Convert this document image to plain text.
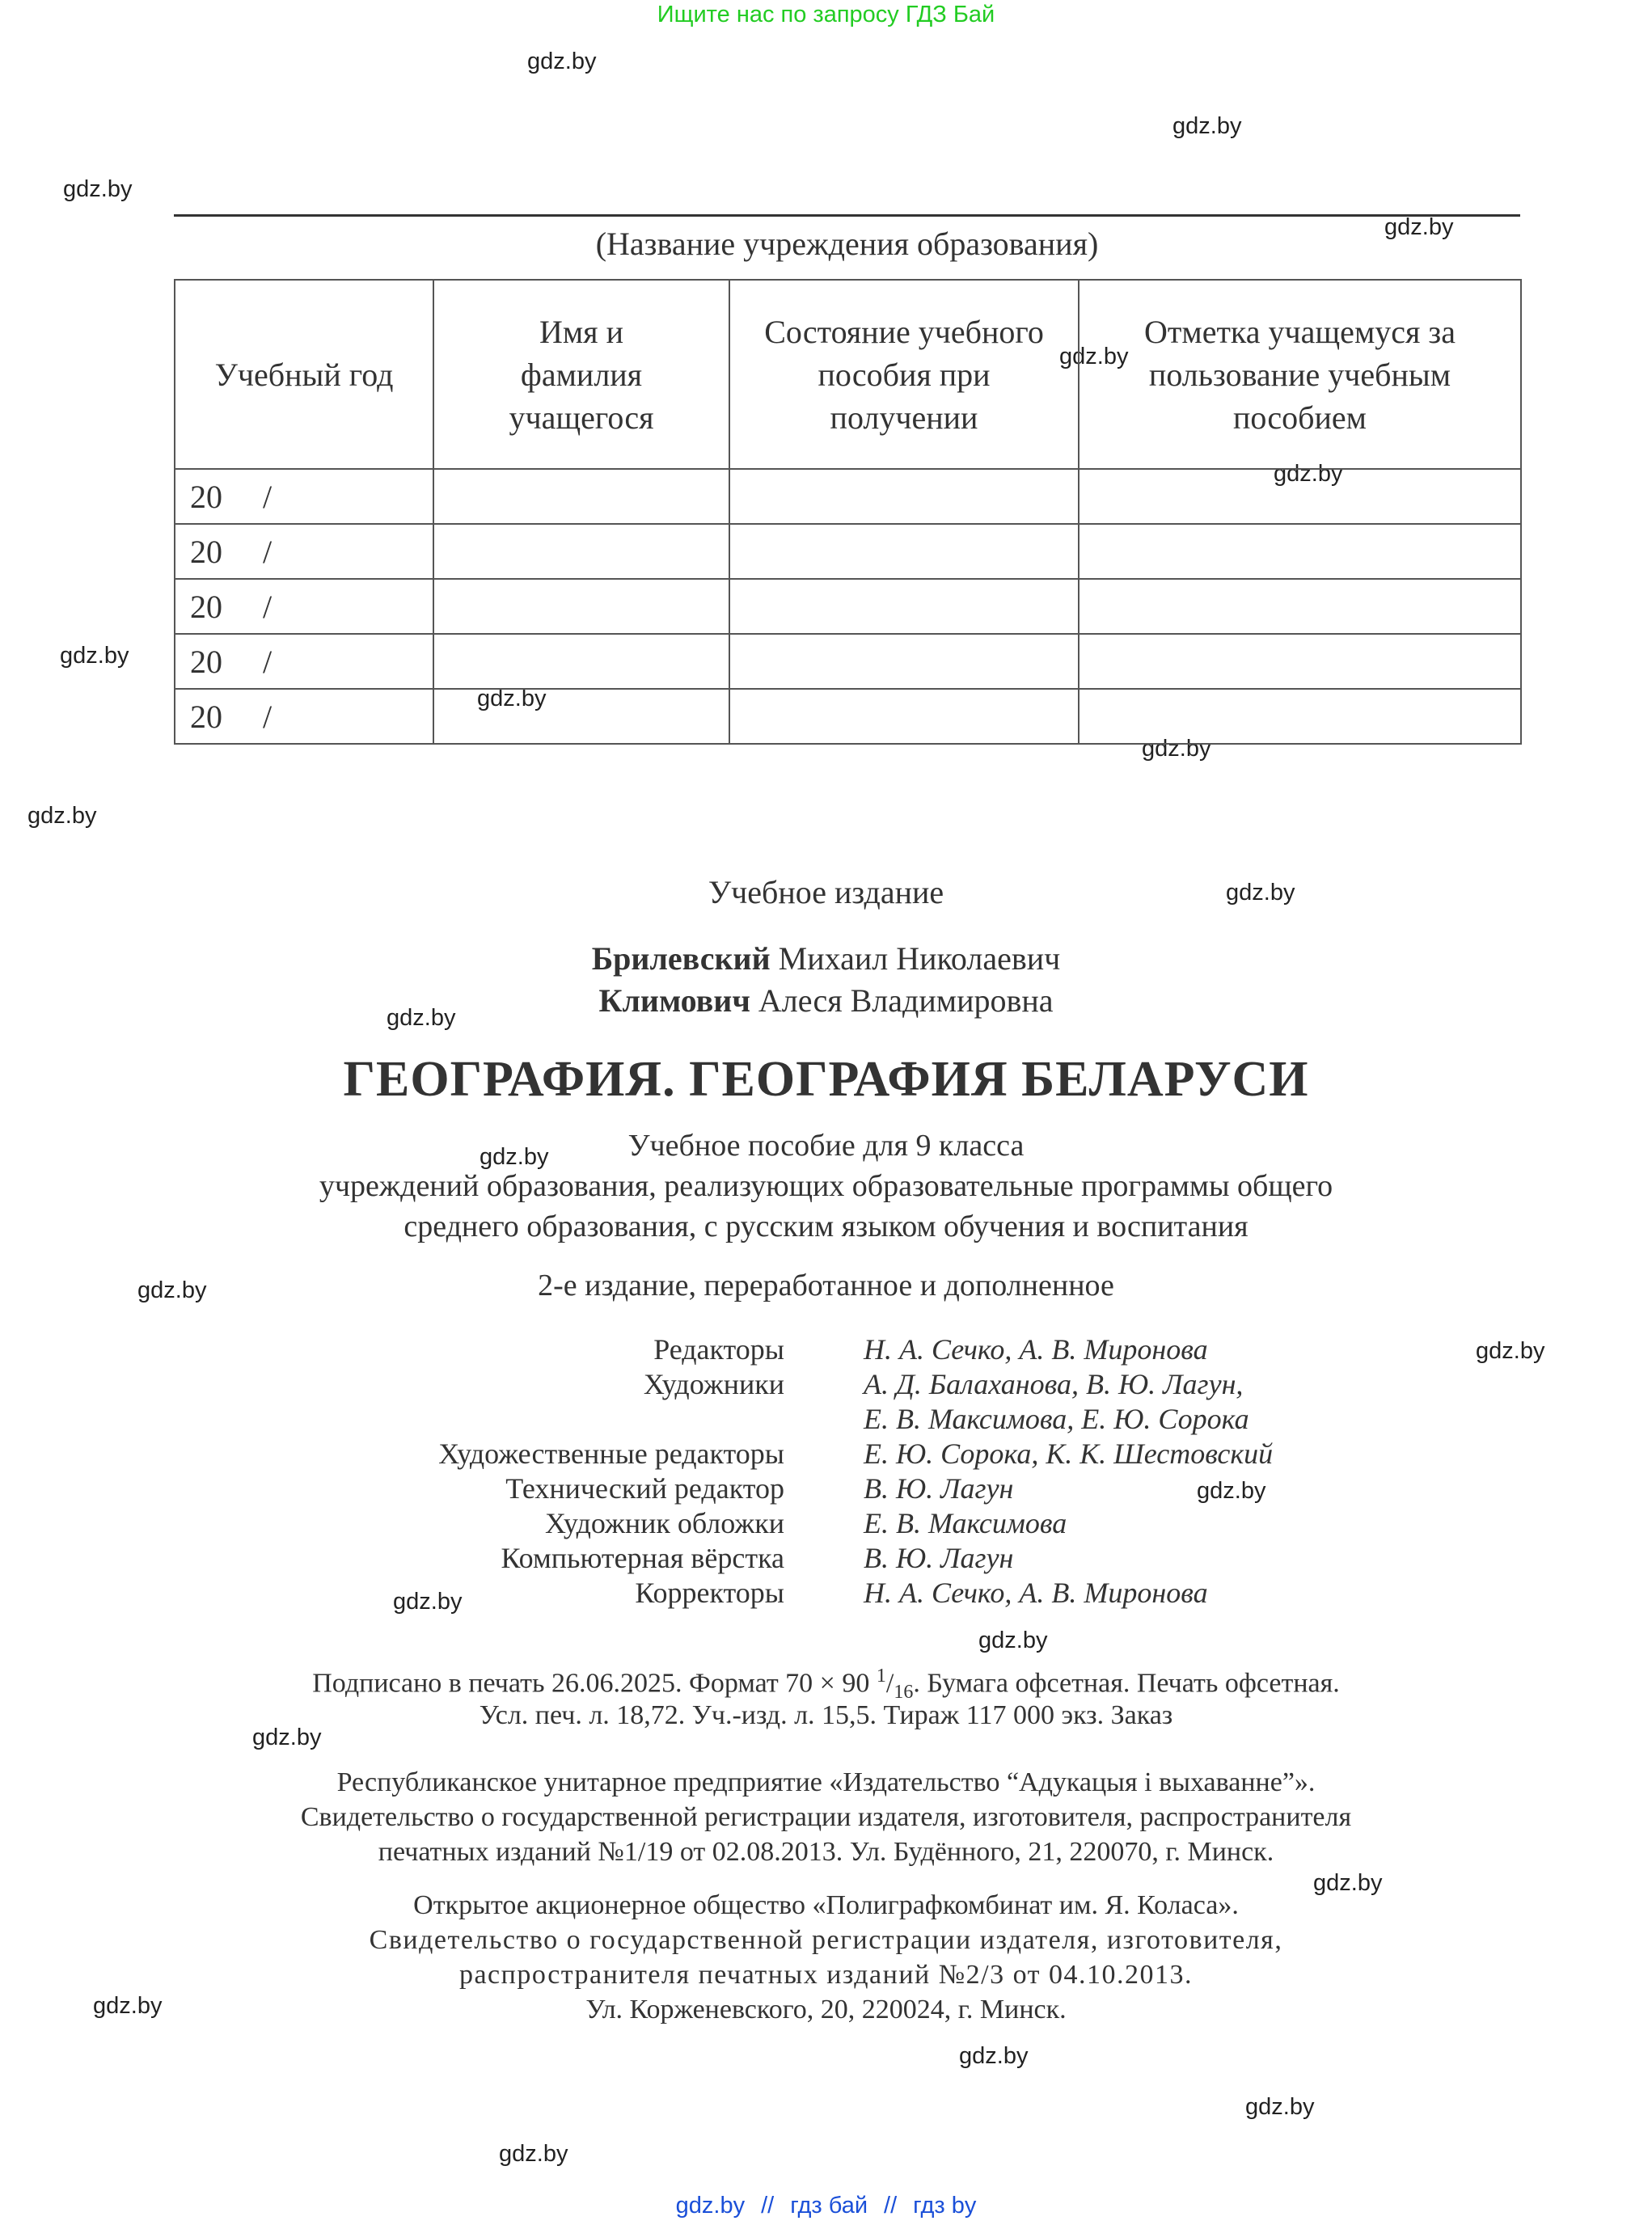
Ищите нас по запросу ГДЗ Бай
gdz.by
gdz.by
gdz.by
gdz.by
gdz.by
gdz.by
gdz.by
gdz.by
gdz.by
gdz.by
gdz.by
gdz.by
gdz.by
gdz.by
gdz.by
gdz.by
gdz.by
gdz.by
gdz.by
gdz.by
gdz.by
gdz.by
gdz.by
gdz.by
(Название учреждения образования)
Учебный год	Имя и фамилия учащегося	Состояние учебного пособия при получении	Отметка учащемуся за пользование учебным пособием
20     /			
20     /			
20     /			
20     /			
20     /			
Учебное издание
Брилевский Михаил Николаевич
Климович Алеся Владимировна
ГЕОГРАФИЯ. ГЕОГРАФИЯ БЕЛАРУСИ
Учебное пособие для 9 класса
учреждений образования, реализующих образовательные программы общего
среднего образования, с русским языком обучения и воспитания
2-е издание, переработанное и дополненное
Редакторы	Н. А. Сечко, А. В. Миронова
Художники	А. Д. Балаханова, В. Ю. Лагун,
Е. В. Максимова, Е. Ю. Сорока
Художественные редакторы	Е. Ю. Сорока, К. К. Шестовский
Технический редактор	В. Ю. Лагун
Художник обложки	Е. В. Максимова
Компьютерная вёрстка	В. Ю. Лагун
Корректоры	Н. А. Сечко, А. В. Миронова
Подписано в печать 26.06.2025. Формат 70 × 90 $^1/_{16}$. Бумага офсетная. Печать офсетная.
Усл. печ. л. 18,72. Уч.-изд. л. 15,5. Тираж 117 000 экз. Заказ
Республиканское унитарное предприятие «Издательство “Адукацыя і выхаванне”».
Свидетельство о государственной регистрации издателя, изготовителя, распространителя
печатных изданий №1/19 от 02.08.2013. Ул. Будённого, 21, 220070, г. Минск.
Открытое акционерное общество «Полиграфкомбинат им. Я. Коласа».
Свидетельство о государственной регистрации издателя, изготовителя,
распространителя печатных изданий №2/3 от 04.10.2013.
Ул. Корженевского, 20, 220024, г. Минск.
gdz.by // гдз бай // гдз by
